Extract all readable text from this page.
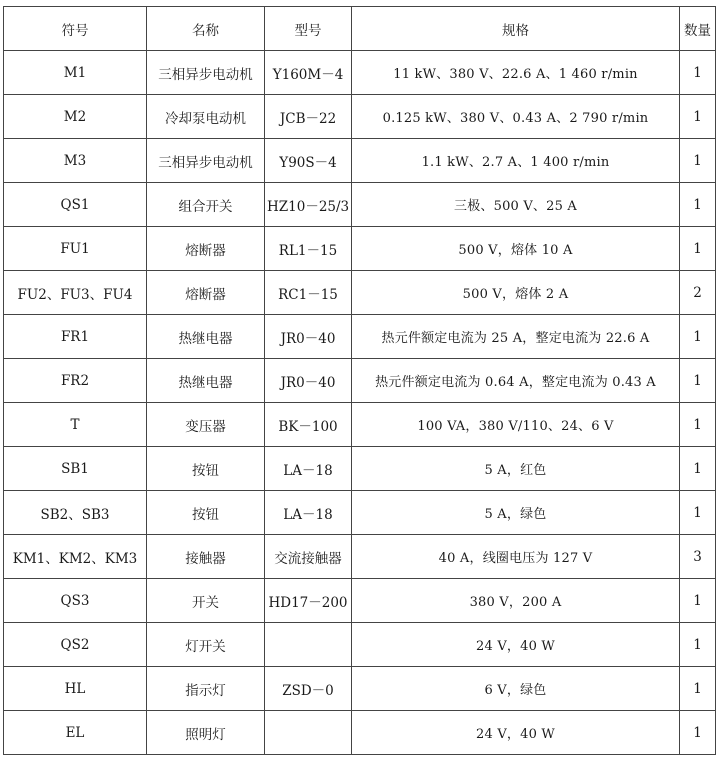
符号	名称	型号	规格	数量
M1	三相异步电动机	Y160M－4	11 kW、380 V、22.6 A、1 460 r/min	1
M2	冷却泵电动机	JCB－22	0.125 kW、380 V、0.43 A、2 790 r/min	1
M3	三相异步电动机	Y90S－4	1.1 kW、2.7 A、1 400 r/min	1
QS1	组合开关	HZ10－25/3	三极、500 V、25 A	1
FU1	熔断器	RL1－15	500 V，熔体 10 A	1
FU2、FU3、FU4	熔断器	RC1－15	500 V，熔体 2 A	2
FR1	热继电器	JR0－40	热元件额定电流为 25 A，整定电流为 22.6 A	1
FR2	热继电器	JR0－40	热元件额定电流为 0.64 A，整定电流为 0.43 A	1
T	变压器	BK－100	100 VA，380 V/110、24、6 V	1
SB1	按钮	LA－18	5 A，红色	1
SB2、SB3	按钮	LA－18	5 A，绿色	1
KM1、KM2、KM3	接触器	交流接触器	40 A，线圈电压为 127 V	3
QS3	开关	HD17－200	380 V，200 A	1
QS2	灯开关		24 V，40 W	1
HL	指示灯	ZSD－0	6 V，绿色	1
EL	照明灯		24 V，40 W	1
